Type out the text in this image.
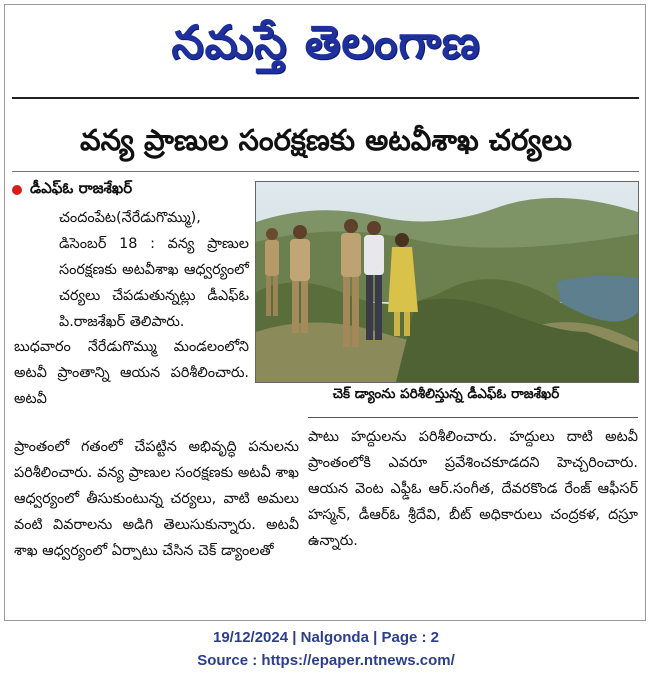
నమస్తే తెలంగాణ
వన్య ప్రాణుల సంరక్షణకు అటవీశాఖ చర్యలు
డీఎఫ్ఓ రాజశేఖర్
చందంపేట(నేరేడుగొమ్ము), డిసెంబర్ 18 : వన్య ప్రాణుల సంరక్షణకు అటవీశాఖ ఆధ్వర్యంలో చర్యలు చేపడుతున్నట్లు డీఎఫ్ఓ పి.రాజశేఖర్ తెలిపారు.
బుధవారం నేరేడుగొమ్ము మండలంలోని అటవీ ప్రాంతాన్ని ఆయన పరిశీలించారు. అటవీ
ప్రాంతంలో గతంలో చేపట్టిన అభివృద్ధి పనులను పరిశీలించారు. వన్య ప్రాణుల సంరక్షణకు అటవీ శాఖ ఆధ్వర్యంలో తీసుకుంటున్న చర్యలు, వాటి అమలు వంటి వివరాలను అడిగి తెలుసుకున్నారు. అటవీ శాఖ ఆధ్వర్యంలో ఏర్పాటు చేసిన చెక్ డ్యాంలతో
చెక్ డ్యాంను పరిశీలిస్తున్న డీఎఫ్ఓ రాజశేఖర్
పాటు హద్దులను పరిశీలించారు. హద్దులు దాటి అటవీ ప్రాంతంలోకి ఎవరూ ప్రవేశించకూడదని హెచ్చరించారు. ఆయన వెంట ఎఫ్డీఓ ఆర్.సంగీత, దేవరకొండ రేంజ్ ఆఫీసర్ హస్మన్, డీఆర్ఓ శ్రీదేవి, బీట్ అధికారులు చంద్రకళ, దస్రూ ఉన్నారు.
19/12/2024 | Nalgonda | Page : 2
Source : https://epaper.ntnews.com/
